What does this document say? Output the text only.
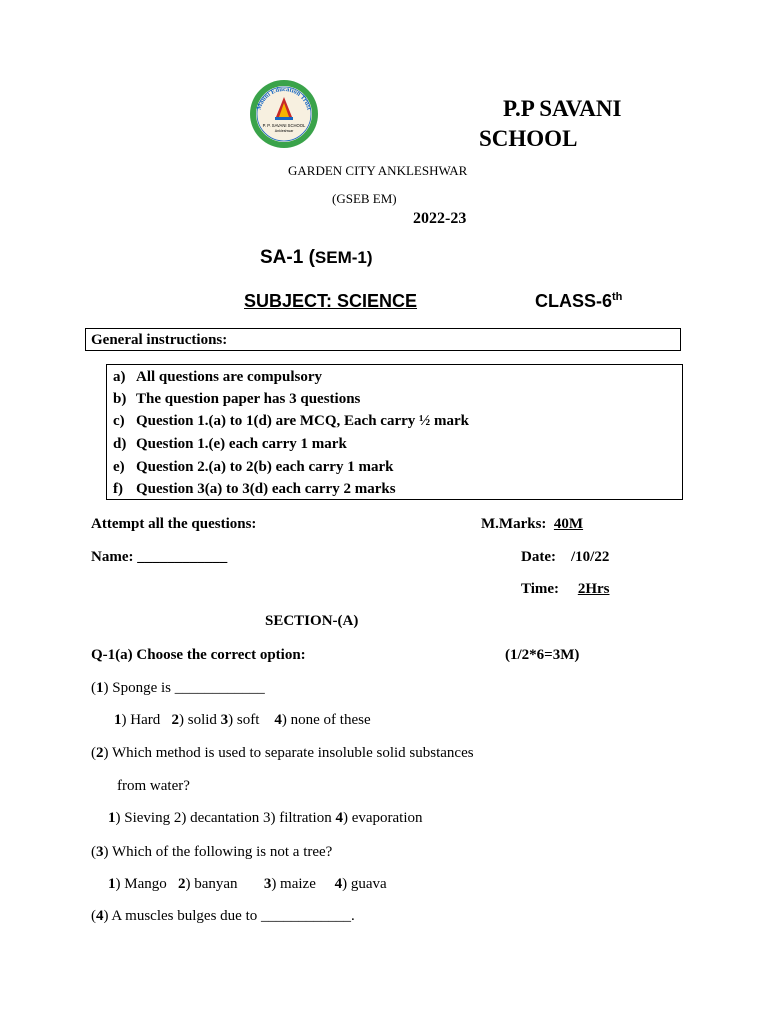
Mauni Education Trust
P. P. SAVANI SCHOOL
Ankleshwar
P.P SAVANI
SCHOOL
GARDEN CITY ANKLESHWAR
(GSEB EM)
2022-23
SA-1 (SEM-1)
SUBJECT: SCIENCE	CLASS-6th
General instructions:
a) All questions are compulsory
b) The question paper has 3 questions
c) Question 1.(a) to 1(d) are MCQ, Each carry ½ mark
d) Question 1.(e) each carry 1 mark
e) Question 2.(a) to 2(b) each carry 1 mark
f) Question 3(a) to 3(d) each carry 2 marks
Attempt all the questions:	M.Marks: 40M
Name: ____________	Date: /10/22
Time: 2Hrs
SECTION-(A)
Q-1(a) Choose the correct option:	(1/2*6=3M)
(1) Sponge is ____________
1) Hard   2) solid 3) soft    4) none of these
(2) Which method is used to separate insoluble solid substances
from water?
1) Sieving 2) decantation 3) filtration 4) evaporation
(3) Which of the following is not a tree?
1) Mango   2) banyan       3) maize     4) guava
(4) A muscles bulges due to ____________.
